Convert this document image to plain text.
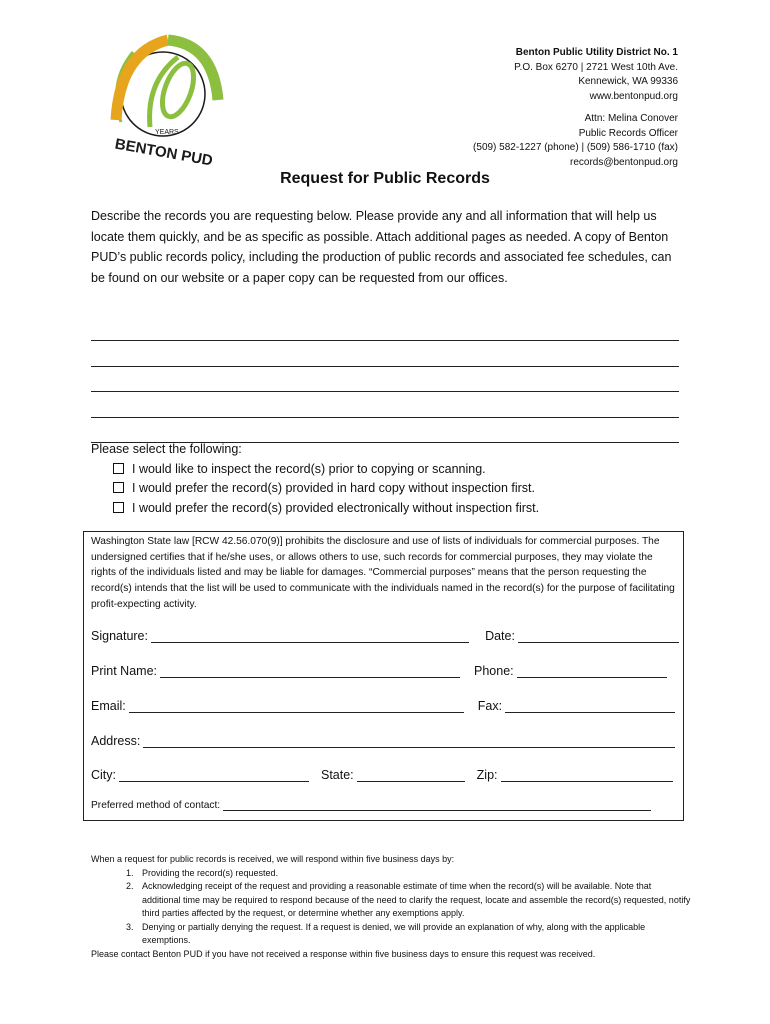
YEARS
BENTON PUD
Benton Public Utility District No. 1
P.O. Box 6270 | 2721 West 10th Ave.
Kennewick, WA 99336
www.bentonpud.org
Attn: Melina Conover
Public Records Officer
(509) 582-1227 (phone) | (509) 586-1710 (fax)
records@bentonpud.org
Request for Public Records
Describe the records you are requesting below. Please provide any and all information that will help us locate them quickly, and be as specific as possible. Attach additional pages as needed. A copy of Benton PUD’s public records policy, including the production of public records and associated fee schedules, can be found on our website or a paper copy can be requested from our offices.
Please select the following:
I would like to inspect the record(s) prior to copying or scanning.
I would prefer the record(s) provided in hard copy without inspection first.
I would prefer the record(s) provided electronically without inspection first.
Washington State law [RCW 42.56.070(9)] prohibits the disclosure and use of lists of individuals for commercial purposes. The undersigned certifies that if he/she uses, or allows others to use, such records for commercial purposes, they may violate the rights of the individuals listed and may be liable for damages. “Commercial purposes” means that the person requesting the record(s) intends that the list will be used to communicate with the individuals named in the record(s) for the purpose of facilitating profit-expecting activity.
Signature:	Date:
Print Name:	Phone:
Email:	Fax:
Address:
City:	State:	Zip:
Preferred method of contact:
When a request for public records is received, we will respond within five business days by:
1. Providing the record(s) requested.
2. Acknowledging receipt of the request and providing a reasonable estimate of time when the record(s) will be available. Note that additional time may be required to respond because of the need to clarify the request, locate and assemble the record(s) requested, notify third parties affected by the request, or determine whether any exemptions apply.
3. Denying or partially denying the request. If a request is denied, we will provide an explanation of why, along with the applicable exemptions.
Please contact Benton PUD if you have not received a response within five business days to ensure this request was received.
